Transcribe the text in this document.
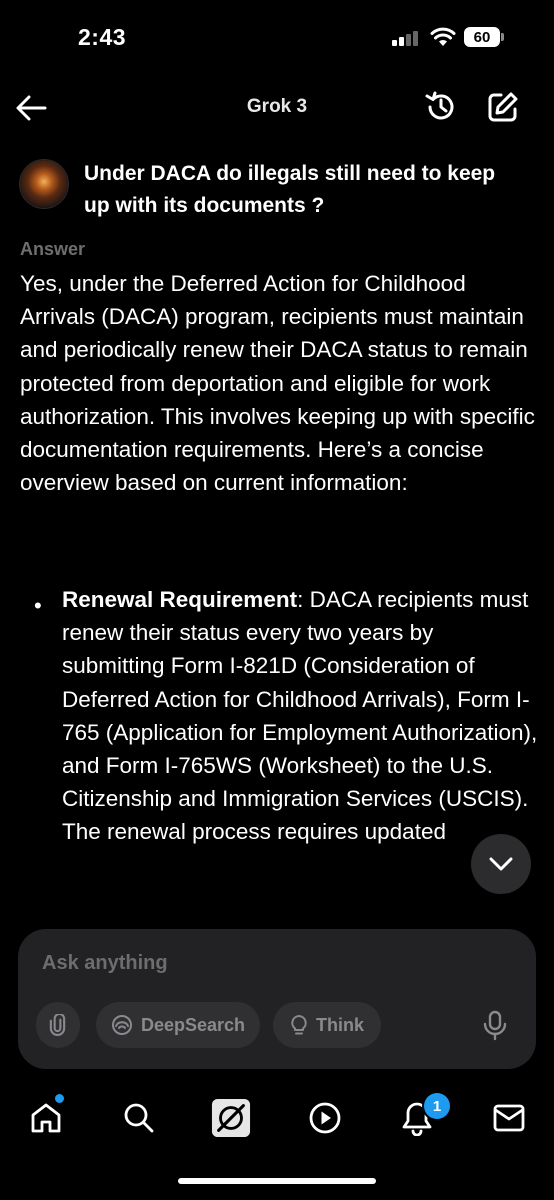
2:43	60
Grok 3
Under DACA do illegals still need to keep up with its documents ?
Answer
Yes, under the Deferred Action for Childhood Arrivals (DACA) program, recipients must maintain and periodically renew their DACA status to remain protected from deportation and eligible for work authorization. This involves keeping up with specific documentation requirements. Here’s a concise overview based on current information:
• Renewal Requirement: DACA recipients must renew their status every two years by submitting Form I-821D (Consideration of Deferred Action for Childhood Arrivals), Form I-765 (Application for Employment Authorization), and Form I-765WS (Worksheet) to the U.S. Citizenship and Immigration Services (USCIS). The renewal process requires updated
Ask anything
DeepSearch	Think
1
